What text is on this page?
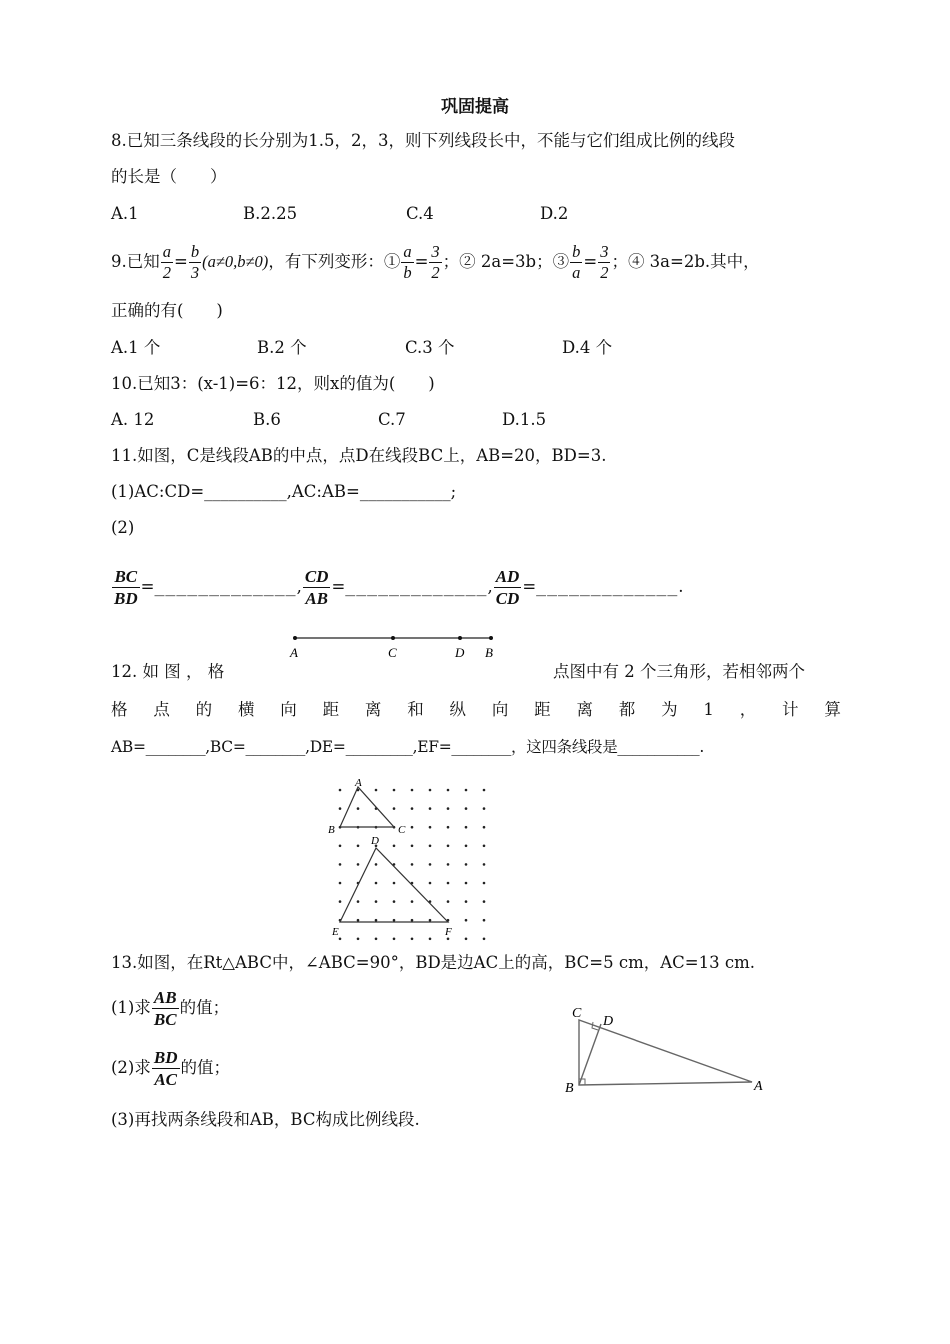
巩固提高
8.已知三条线段的长分别为1.5，2，3，则下列线段长中，不能与它们组成比例的线段
的长是（　　）
A.1	B.2.25	C.4	D.2
9.已知 $\frac{a}{2} = \frac{b}{3} (a\ne 0,b\ne 0)$，有下列变形：① $\frac{a}{b} = \frac{3}{2}$ ；② 2a=3b；③ $\frac{b}{a} = \frac{3}{2}$ ；④ 3a=2b.其中，
正确的有(　　)
A.1 个	B.2 个	C.3 个	D.4 个
10.已知3：(x-1)=6：12，则x的值为(　　)
A. 12	B.6	C.7	D.1.5
11.如图，C是线段AB的中点，点D在线段BC上，AB=20，BD=3.
(1)AC:CD=__________,AC:AB=___________;
(2)
$\frac{BC}{BD}$ =_____________, $\frac{CD}{AB}$ =_____________, $\frac{AD}{CD}$ =_____________.
A	C	D B
12. 如 图 ， 格	点图中有 2 个三角形，若相邻两个
格 点 的 横 向 距 离 和 纵 向 距 离 都 为 1 ， 计 算
AB=________,BC=________,DE=_________,EF=________，这四条线段是___________.
A
B	C
D
E	F
13.如图，在Rt△ABC中，∠ABC=90°，BD是边AC上的高，BC=5 cm，AC=13 cm.
(1)求 $\frac{AB}{BC}$ 的值；
(2)求 $\frac{BD}{AC}$ 的值；
(3)再找两条线段和AB，BC构成比例线段.
C
D
B	A
